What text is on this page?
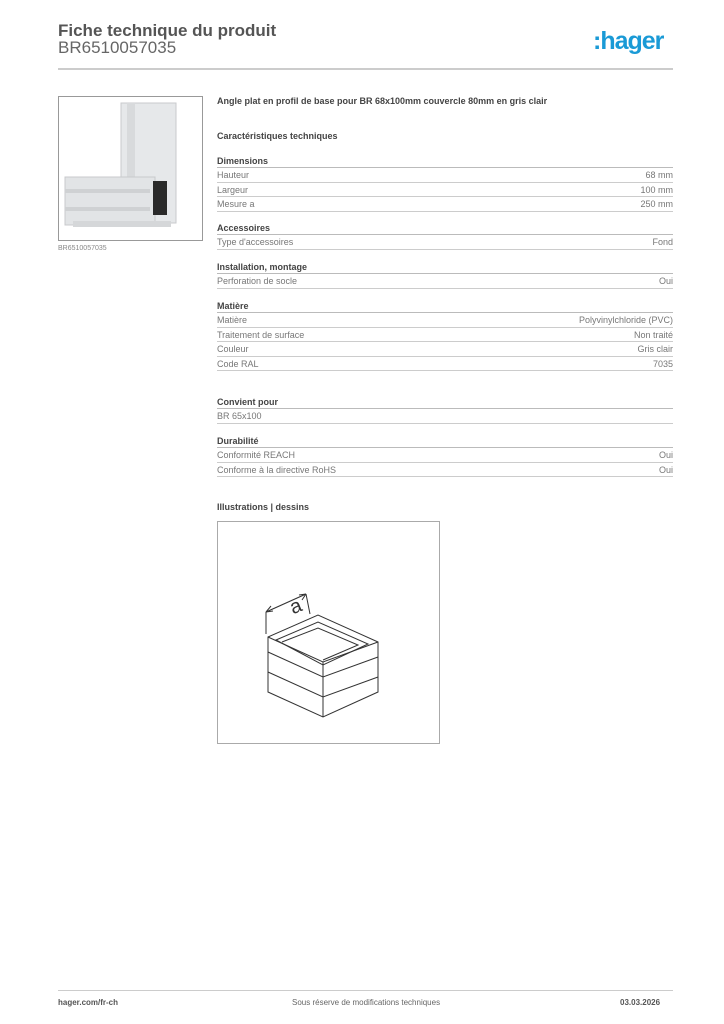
Fiche technique du produit
BR6510057035	:hager
BR6510057035
Angle plat en profil de base pour BR 68x100mm couvercle 80mm en gris clair
Caractéristiques techniques
Dimensions
Hauteur	68 mm
Largeur	100 mm
Mesure a	250 mm
Accessoires
Type d'accessoires	Fond
Installation, montage
Perforation de socle	Oui
Matière
Matière	Polyvinylchloride (PVC)
Traitement de surface	Non traité
Couleur	Gris clair
Code RAL	7035
Convient pour
BR 65x100
Durabilité
Conformité REACH	Oui
Conforme à la directive RoHS	Oui
Illustrations | dessins
a
hager.com/fr-ch	Sous réserve de modifications techniques	03.03.2026
